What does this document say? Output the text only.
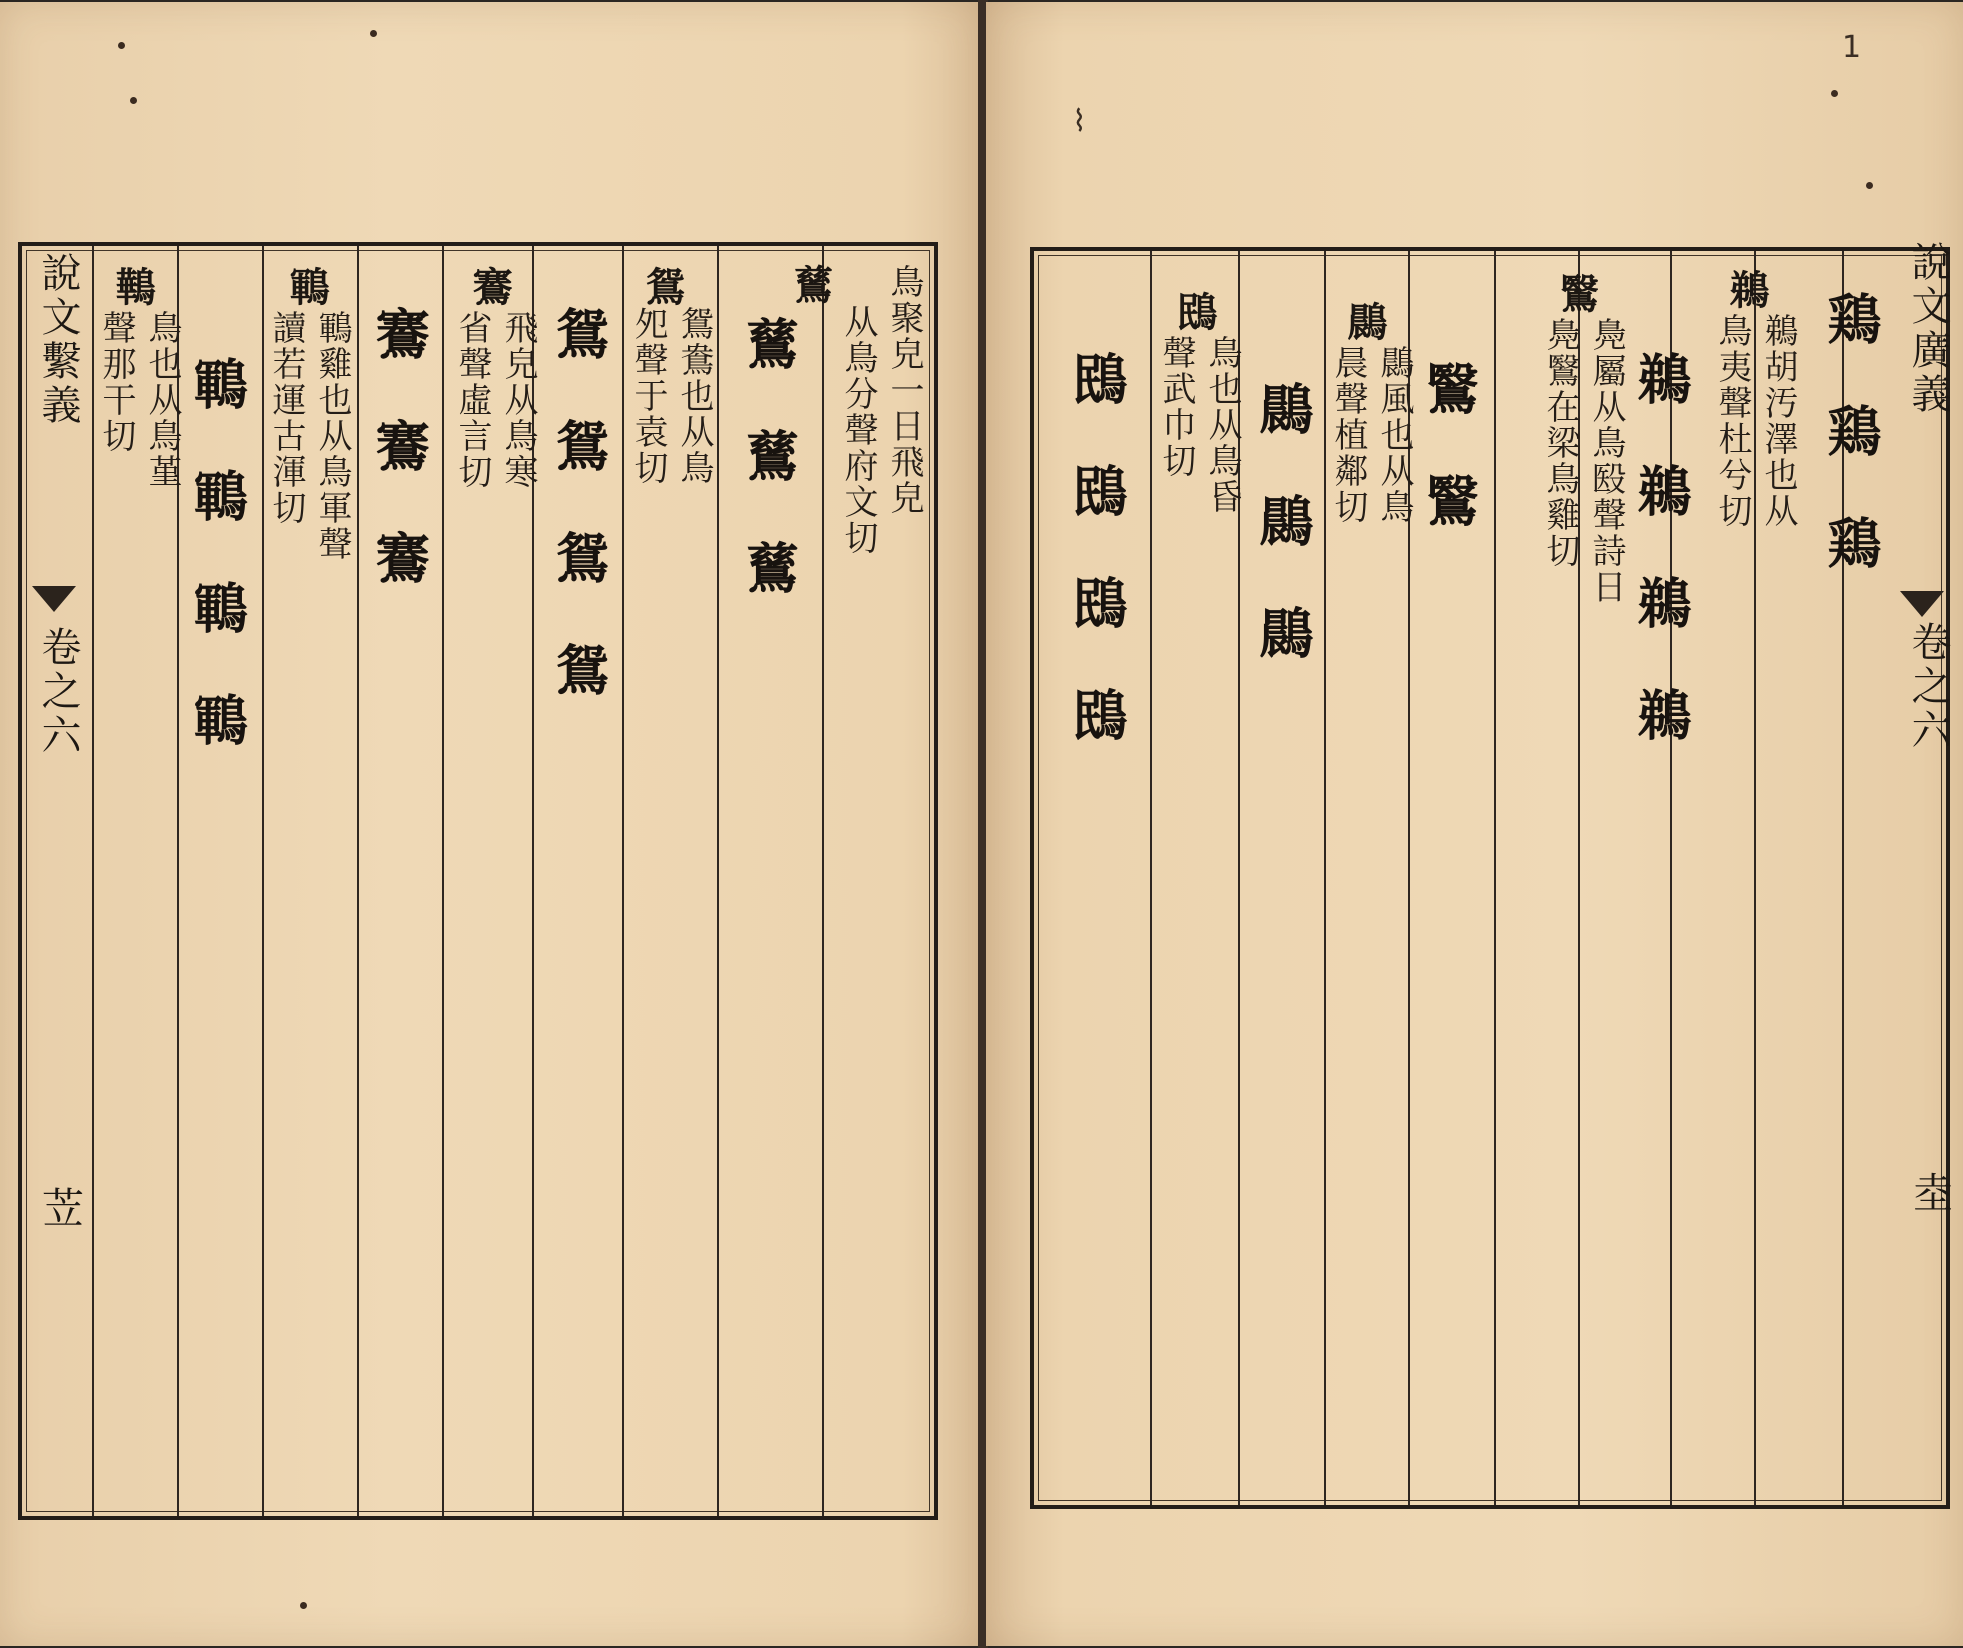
鳥聚皃一日飛皃
从鳥分聲府文切
鶿
鶿鶿鶿
鴛
鴛鴦也从鳥
夗聲于袁切
鴛鴛鴛鴛
鶱
飛皃从鳥寒
省聲虛言切
鶱鶱鶱
鶤
鶤雞也从鳥軍聲
讀若運古渾切
鶤鶤鶤鶤
鷨
鳥也从鳥堇
聲那干切
說文繫義
卷之六
苙
⌇
1
鶏鶏鶏
鵜
鵜胡汚澤也从
鳥夷聲杜兮切
鵜鵜鵜鵜
鷖
鳧屬从鳥殹聲詩日
鳧鷖在梁鳥雞切
鷖鷖
鷐
鷐風也从鳥
晨聲植鄰切
鷐鷐鷐
鴖
鳥也从鳥昏
聲武巾切
鴖鴖鴖鴖
說文廣義
卷之六
坴
